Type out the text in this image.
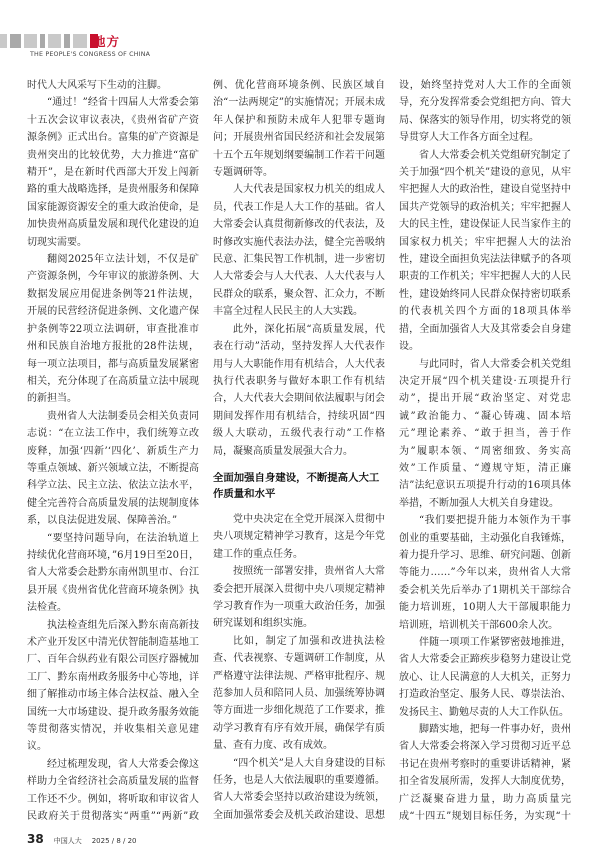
地方
THE PEOPLE'S CONGRESS OF CHINA

时代人大风采写下生动的注脚。

“通过！”经省十四届人大常委会第十五次会议审议表决，《贵州省矿产资源条例》正式出台。富集的矿产资源是贵州突出的比较优势，大力推进“富矿精开”，是在新时代西部大开发上闯新路的重大战略选择，是贵州服务和保障国家能源资源安全的重大政治使命，是加快贵州高质量发展和现代化建设的迫切现实需要。

翻阅2025年立法计划，不仅是矿产资源条例，今年审议的旅游条例、大数据发展应用促进条例等21件法规，开展的民营经济促进条例、文化遗产保护条例等22项立法调研，审查批准市州和民族自治地方报批的28件法规，每一项立法项目，都与高质量发展紧密相关，充分体现了在高质量立法中展现的新担当。

贵州省人大法制委员会相关负责同志说：“在立法工作中，我们统筹立改废释，加强‘四新’‘四化’、新质生产力等重点领域、新兴领域立法，不断提高科学立法、民主立法、依法立法水平，健全完善符合高质量发展的法规制度体系，以良法促进发展、保障善治。”

“要坚持问题导向，在法治轨道上持续优化营商环境，”6月19日至20日，省人大常委会赴黔东南州凯里市、台江县开展《贵州省优化营商环境条例》执法检查。

执法检查组先后深入黔东南高新技术产业开发区中清光伏智能制造基地工厂、百年合纵药业有限公司医疗器械加工厂、黔东南州政务服务中心等地，详细了解推动市场主体合法权益、融入全国统一大市场建设、提升政务服务效能等贯彻落实情况，并收集相关意见建议。

经过梳理发现，省人大常委会像这样助力全省经济社会高质量发展的监督工作还不少。例如，将听取和审议省人民政府关于贯彻落实“两重”“两新”政

例、优化营商环境条例、民族区域自治“一法两规定”的实施情况；开展未成年人保护和预防未成年人犯罪专题询问；开展贵州省国民经济和社会发展第十五个五年规划纲要编制工作若干问题专题调研等。

人大代表是国家权力机关的组成人员，代表工作是人大工作的基础。省人大常委会认真贯彻新修改的代表法，及时修改实施代表法办法，健全完善吸纳民意、汇集民智工作机制，进一步密切人大常委会与人大代表、人大代表与人民群众的联系，聚众智、汇众力，不断丰富全过程人民民主的人大实践。

此外，深化拓展“高质量发展，代表在行动”活动，坚持发挥人大代表作用与人大职能作用有机结合，人大代表执行代表职务与做好本职工作有机结合，人大代表大会期间依法履职与闭会期间发挥作用有机结合，持续巩固“四级人大联动，五级代表行动”工作格局，凝聚高质量发展强大合力。

全面加强自身建设，不断提高人大工作质量和水平

党中央决定在全党开展深入贯彻中央八项规定精神学习教育，这是今年党建工作的重点任务。

按照统一部署安排，贵州省人大常委会把开展深入贯彻中央八项规定精神学习教育作为一项重大政治任务，加强研究谋划和组织实施。

比如，制定了加强和改进执法检查、代表视察、专题调研工作制度，从严格遵守法律法规、严格审批程序、规范参加人员和陪同人员、加强统筹协调等方面进一步细化规范了工作要求，推动学习教育有序有效开展，确保学有质量、查有力度、改有成效。

“四个机关”是人大自身建设的目标任务，也是人大依法履职的重要遵循。省人大常委会坚持以政治建设为统领，全面加强常委会及机关政治建设、思想

设，始终坚持党对人大工作的全面领导，充分发挥常委会党组把方向、管大局、保落实的领导作用，切实将党的领导贯穿人大工作各方面全过程。

省人大常委会机关党组研究制定了关于加强“四个机关”建设的意见，从牢牢把握人大的政治性，建设自觉坚持中国共产党领导的政治机关；牢牢把握人大的民主性，建设保证人民当家作主的国家权力机关；牢牢把握人大的法治性，建设全面担负宪法法律赋予的各项职责的工作机关；牢牢把握人大的人民性，建设始终同人民群众保持密切联系的代表机关四个方面的18项具体举措，全面加强省人大及其常委会自身建设。

与此同时，省人大常委会机关党组决定开展“四个机关建设·五项提升行动”，提出开展“政治坚定、对党忠诚”政治能力、“凝心铸魂、固本培元”理论素养、“敢于担当，善于作为”履职本领、“周密细致、务实高效”工作质量、“遵规守矩，清正廉洁”法纪意识五项提升行动的16项具体举措，不断加强人大机关自身建设。

“我们要把提升能力本领作为干事创业的重要基础，主动强化自我锤炼，着力提升学习、思维、研究问题、创新等能力……”今年以来，贵州省人大常委会机关先后举办了1期机关干部综合能力培训班，10期人大干部履职能力培训班，培训机关干部600余人次。

伴随一项项工作紧锣密鼓地推进，省人大常委会正蹄疾步稳努力建设让党放心、让人民满意的人大机关，正努力打造政治坚定、服务人民、尊崇法治、发扬民主、勤勉尽责的人大工作队伍。

脚踏实地，把每一件事办好，贵州省人大常委会将深入学习贯彻习近平总书记在贵州考察时的重要讲话精神，紧扣全省发展所需，发挥人大制度优势，广泛凝聚奋进力量，助力高质量完成“十四五”规划目标任务，为实现“十

38 中国人大 2025 / 8 / 20
